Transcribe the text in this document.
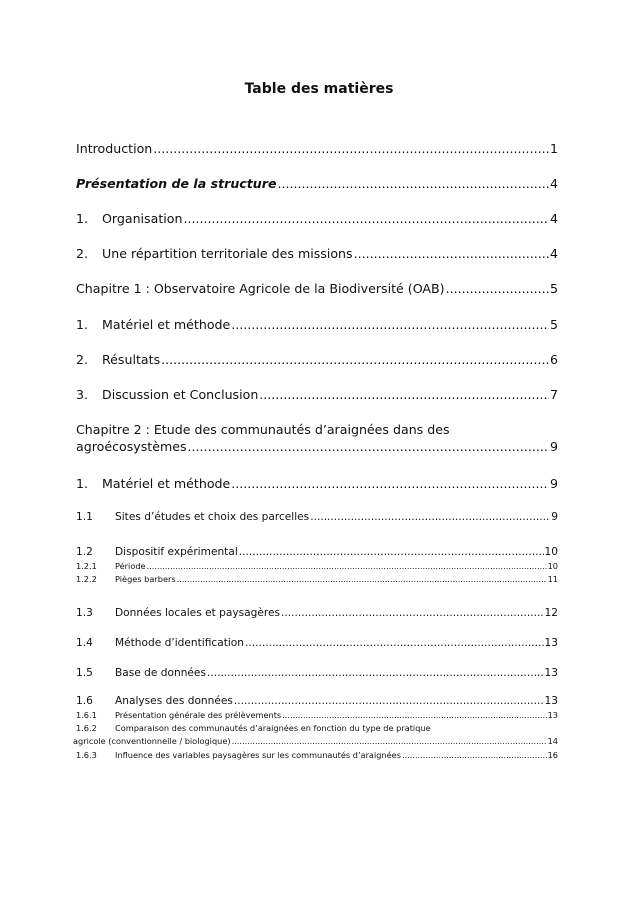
Table des matières
Introduction .....	1
Présentation de la structure .....	4
1.	Organisation .....	4
2.	Une répartition territoriale des missions .....	4
Chapitre 1 : Observatoire Agricole de la Biodiversité (OAB) .....	5
1.	Matériel et méthode .....	5
2.	Résultats .....	6
3.	Discussion et Conclusion .....	7
Chapitre 2 : Etude des communautés d’araignées dans des
agroécosystèmes .....	9
1.	Matériel et méthode .....	9
1.1	Sites d’études et choix des parcelles .....	9
1.2	Dispositif expérimental .....	10
1.2.1	Période .....	10
1.2.2	Pièges barbers .....	11
1.3	Données locales et paysagères .....	12
1.4	Méthode d’identification .....	13
1.5	Base de données .....	13
1.6	Analyses des données .....	13
1.6.1	Présentation générale des prélèvements .....	13
1.6.2 Comparaison des communautés d’araignées en fonction du type de pratique
agricole (conventionnelle / biologique) .....	14
1.6.3	Influence des variables paysagères sur les communautés d’araignées .....	16
